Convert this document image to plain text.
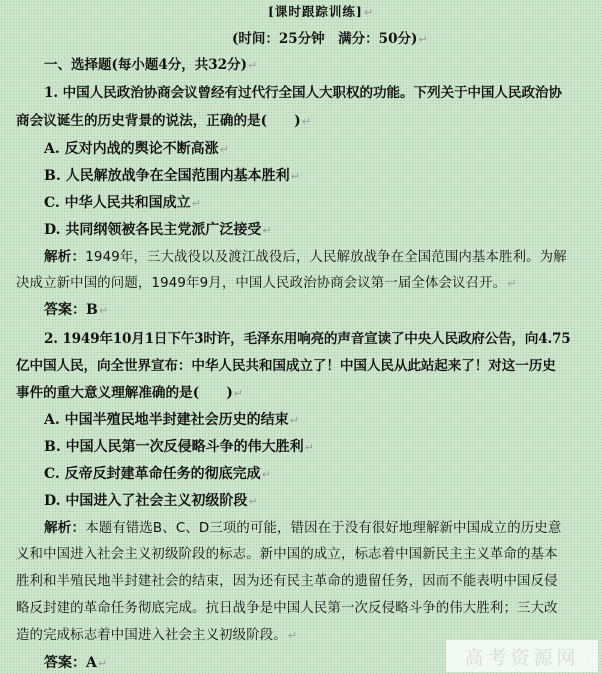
[课时跟踪训练]↵
(时间：25分钟　满分：50分)↵
一、选择题(每小题4分，共32分)↵
1. 中国人民政治协商会议曾经有过代行全国人大职权的功能。下列关于中国人民政治协
商会议诞生的历史背景的说法，正确的是(　　)↵
A. 反对内战的舆论不断高涨↵
B. 人民解放战争在全国范围内基本胜利↵
C. 中华人民共和国成立↵
D. 共同纲领被各民主党派广泛接受↵
解析：1949年，三大战役以及渡江战役后，人民解放战争在全国范围内基本胜利。为解
决成立新中国的问题，1949年9月，中国人民政治协商会议第一届全体会议召开。↵
答案：B↵
2. 1949年10月1日下午3时许，毛泽东用响亮的声音宣读了中央人民政府公告，向4.75
亿中国人民，向全世界宣布：中华人民共和国成立了！中国人民从此站起来了！对这一历史
事件的重大意义理解准确的是(　　)↵
A. 中国半殖民地半封建社会历史的结束↵
B. 中国人民第一次反侵略斗争的伟大胜利↵
C. 反帝反封建革命任务的彻底完成↵
D. 中国进入了社会主义初级阶段↵
解析：本题有错选B、C、D三项的可能，错因在于没有很好地理解新中国成立的历史意
义和中国进入社会主义初级阶段的标志。新中国的成立，标志着中国新民主主义革命的基本
胜利和半殖民地半封建社会的结束，因为还有民主革命的遗留任务，因而不能表明中国反侵
略反封建的革命任务彻底完成。抗日战争是中国人民第一次反侵略斗争的伟大胜利；三大改
造的完成标志着中国进入社会主义初级阶段。↵
答案：A↵	高考资源网
